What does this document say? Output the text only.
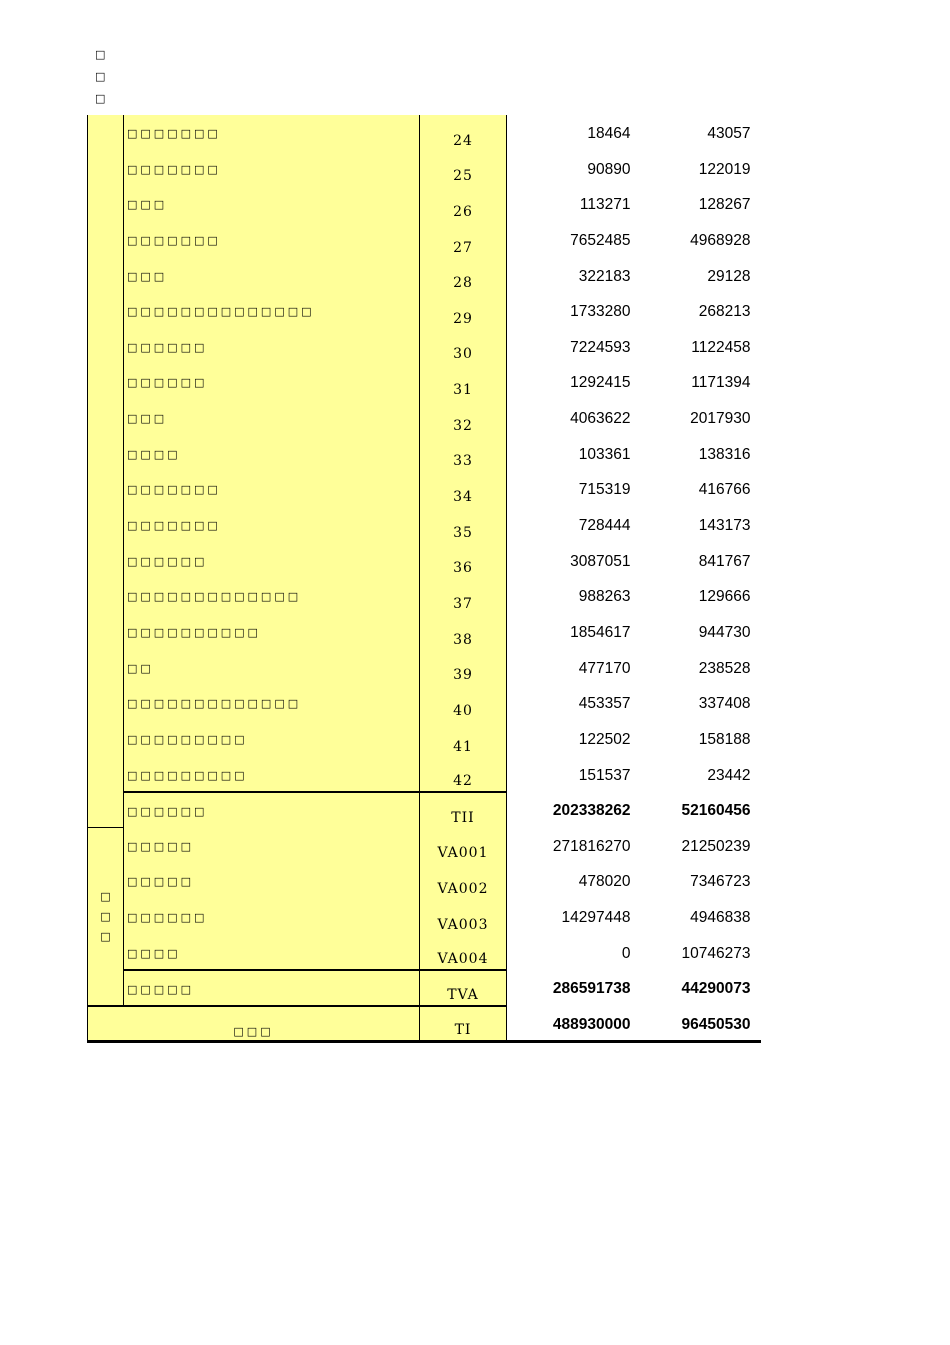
□
□
□
	□□□□□□□	24	18464	43057
	□□□□□□□	25	90890	122019
	□□□	26	113271	128267
	□□□□□□□	27	7652485	4968928
	□□□	28	322183	29128
	□□□□□□□□□□□□□□	29	1733280	268213
	□□□□□□	30	7224593	1122458
	□□□□□□	31	1292415	1171394
	□□□	32	4063622	2017930
	□□□□	33	103361	138316
	□□□□□□□	34	715319	416766
	□□□□□□□	35	728444	143173
	□□□□□□	36	3087051	841767
	□□□□□□□□□□□□□	37	988263	129666
	□□□□□□□□□□	38	1854617	944730
	□□	39	477170	238528
	□□□□□□□□□□□□□	40	453357	337408
	□□□□□□□□□	41	122502	158188
	□□□□□□□□□	42	151537	23442
	□□□□□□	TII	202338262	52160456

□
□
□	□□□□□	VA001	271816270	21250239
	□□□□□	VA002	478020	7346723
	□□□□□□	VA003	14297448	4946838
	□□□□	VA004	0	10746273
	□□□□□	TVA	286591738	44290073
□□□		TI	488930000	96450530
